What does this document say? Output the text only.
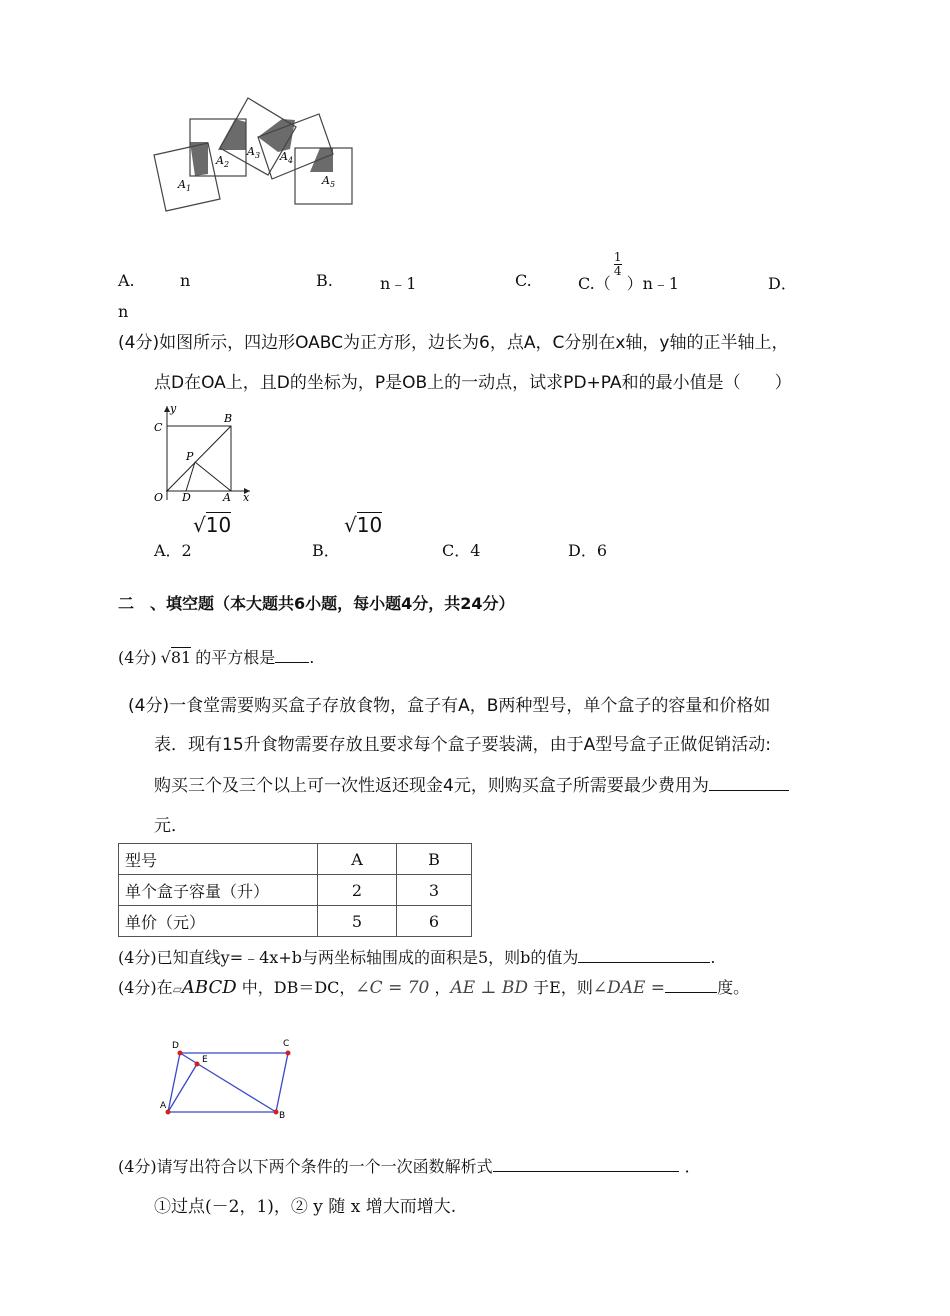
$A_1$
$A_2$
$A_3$ $A_4$
$A_5$
A.	n	B.	n﹣1	C.	C.（
$\frac{1}{4}$
）n﹣1	D．
n
(4分)如图所示，四边形OABC为正方形，边长为6，点A，C分别在x轴，y轴的正半轴上，
点D在OA上，且D的坐标为，P是OB上的一动点，试求PD+PA和的最小值是（　　）
y
C
B
P
O D	A x
A．2
√10
B．
√10
C．4	D．6
二　、填空题（本大题共6小题，每小题4分，共24分）
(4分) √81 的平方根是 .
(4分)一食堂需要购买盒子存放食物，盒子有A，B两种型号，单个盒子的容量和价格如
表．现有15升食物需要存放且要求每个盒子要装满，由于A型号盒子正做促销活动:
购买三个及三个以上可一次性返还现金4元，则购买盒子所需要最少费用为
元．
型号	A	B
单个盒子容量（升）	2	3
单价（元）	5	6
(4分)已知直线y=﹣4x+b与两坐标轴围成的面积是5，则b的值为	.
(4分)在▱ABCD 中，DB＝DC，∠C = 70 ，AE ⊥ BD 于E，则∠DAE =	度。
D
E
C
A
B
(4分)请写出符合以下两个条件的一个一次函数解析式	．
①过点(－2，1)，② y 随 x 增大而增大.
